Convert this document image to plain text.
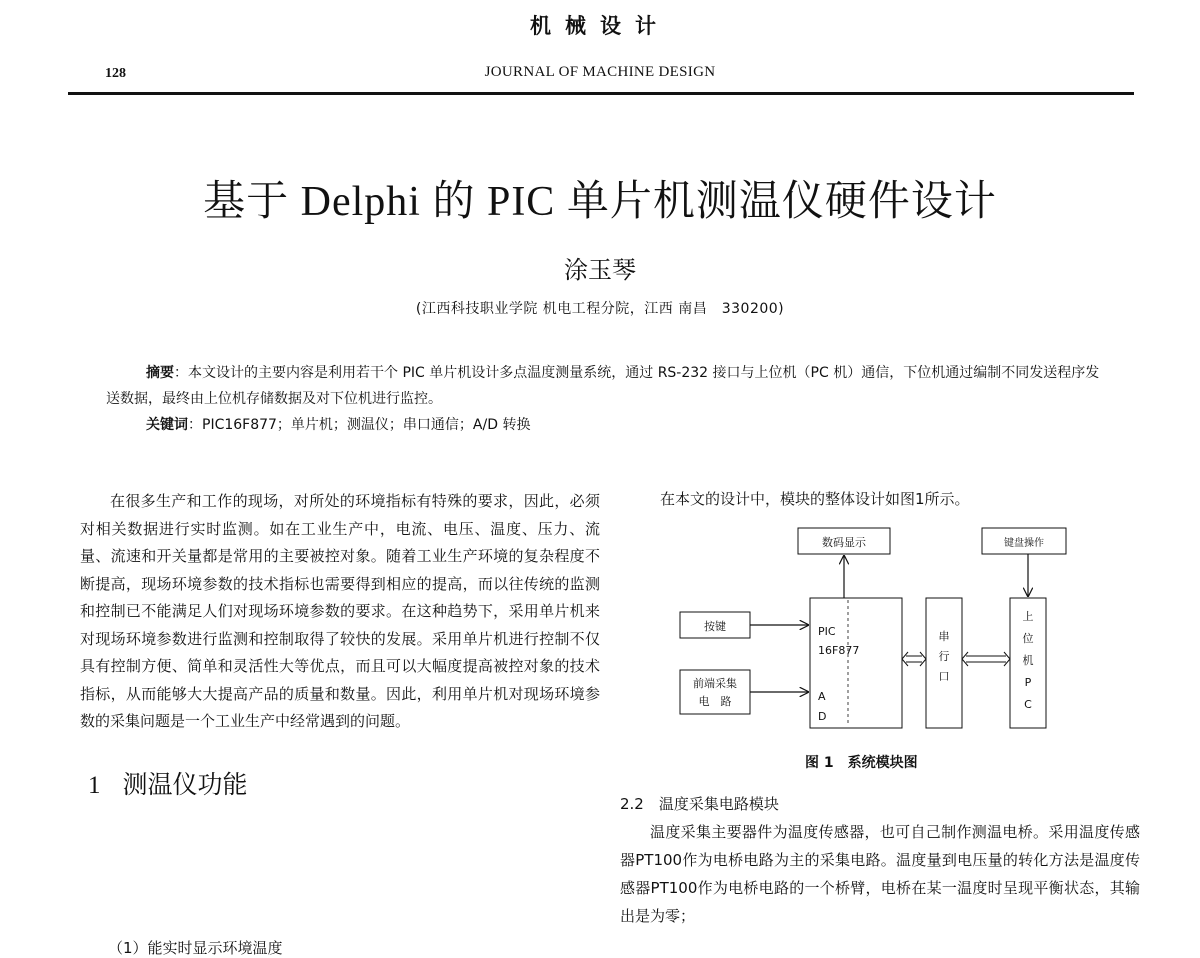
机械设计
128	JOURNAL OF MACHINE DESIGN
基于 Delphi 的 PIC 单片机测温仪硬件设计
涂玉琴
(江西科技职业学院 机电工程分院，江西 南昌　330200)

摘要：本文设计的主要内容是利用若干个 PIC 单片机设计多点温度测量系统，通过 RS-232 接口与上位机（PC 机）通信，下位机通过编制不同发送程序发送数据，最终由上位机存储数据及对下位机进行监控。

关键词：PIC16F877；单片机；测温仪；串口通信；A/D 转换

在很多生产和工作的现场，对所处的环境指标有特殊的要求，因此，必须对相关数据进行实时监测。如在工业生产中，电流、电压、温度、压力、流量、流速和开关量都是常用的主要被控对象。随着工业生产环境的复杂程度不断提高，现场环境参数的技术指标也需要得到相应的提高，而以往传统的监测和控制已不能满足人们对现场环境参数的要求。在这种趋势下，采用单片机来对现场环境参数进行监测和控制取得了较快的发展。采用单片机进行控制不仅具有控制方便、简单和灵活性大等优点，而且可以大幅度提高被控对象的技术指标，从而能够大大提高产品的质量和数量。因此，利用单片机对现场环境参数的采集问题是一个工业生产中经常遇到的问题。

1 测温仪功能
（1）能实时显示环境温度
在本文的设计中，模块的整体设计如图1所示。
数码显示	键盘操作
按键
前端采集
电　路
PIC
16F877
A
D
串
行
口
上
位
机
P
C
图 1　系统模块图
2.2　温度采集电路模块

温度采集主要器件为温度传感器，也可自己制作测温电桥。采用温度传感器PT100作为电桥电路为主的采集电路。温度量到电压量的转化方法是温度传感器PT100作为电桥电路的一个桥臂，电桥在某一温度时呈现平衡状态，其输出是为零；
